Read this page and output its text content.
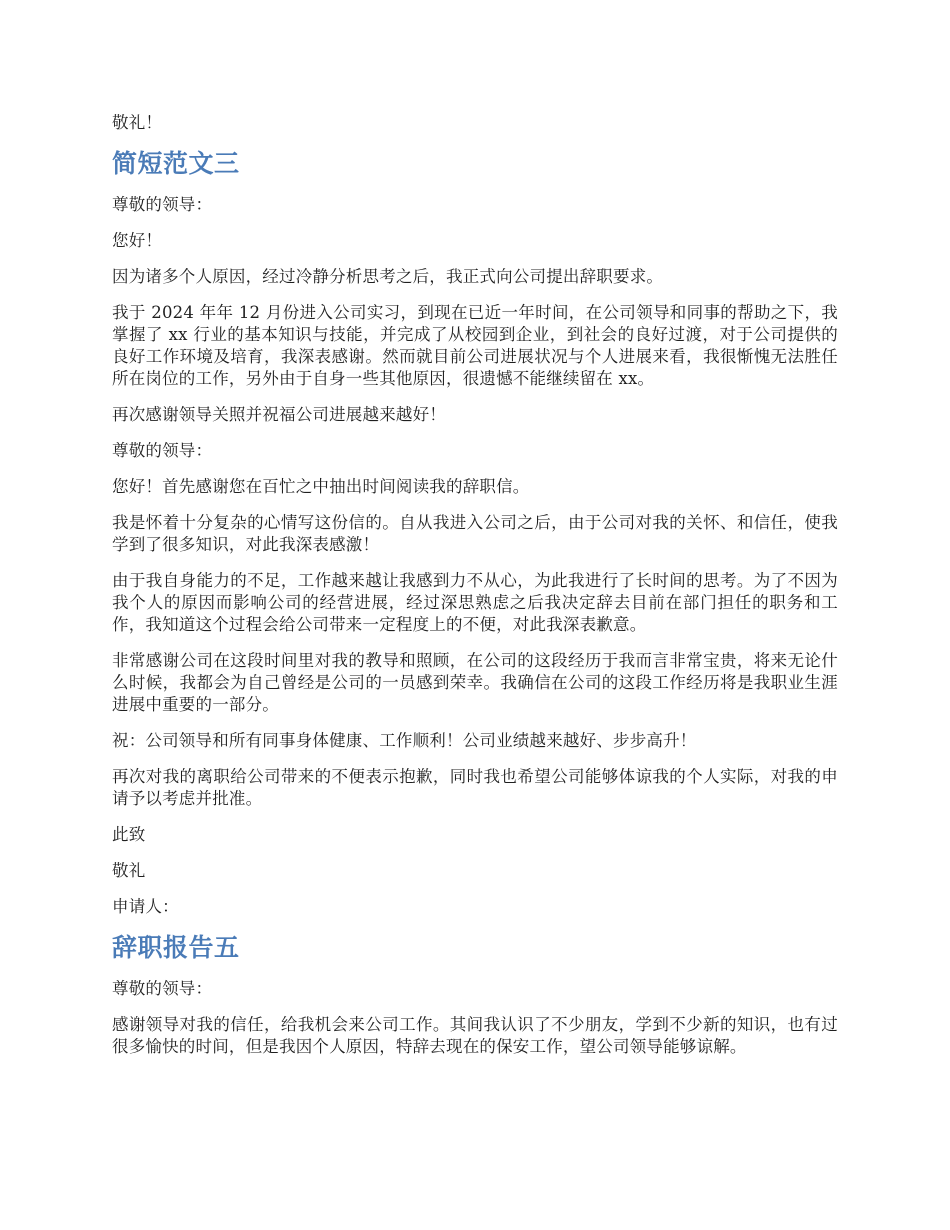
敬礼！

简短范文三

尊敬的领导：

您好！

因为诸多个人原因，经过冷静分析思考之后，我正式向公司提出辞职要求。

我于 2024 年年 12 月份进入公司实习，到现在已近一年时间，在公司领导和同事的帮助之下，我掌握了 xx 行业的基本知识与技能，并完成了从校园到企业，到社会的良好过渡，对于公司提供的良好工作环境及培育，我深表感谢。然而就目前公司进展状况与个人进展来看，我很惭愧无法胜任所在岗位的工作，另外由于自身一些其他原因，很遗憾不能继续留在 xx。

再次感谢领导关照并祝福公司进展越来越好！

尊敬的领导：

您好！首先感谢您在百忙之中抽出时间阅读我的辞职信。

我是怀着十分复杂的心情写这份信的。自从我进入公司之后，由于公司对我的关怀、和信任，使我学到了很多知识，对此我深表感激！

由于我自身能力的不足，工作越来越让我感到力不从心，为此我进行了长时间的思考。为了不因为我个人的原因而影响公司的经营进展，经过深思熟虑之后我决定辞去目前在部门担任的职务和工作，我知道这个过程会给公司带来一定程度上的不便，对此我深表歉意。

非常感谢公司在这段时间里对我的教导和照顾，在公司的这段经历于我而言非常宝贵，将来无论什么时候，我都会为自己曾经是公司的一员感到荣幸。我确信在公司的这段工作经历将是我职业生涯进展中重要的一部分。

祝：公司领导和所有同事身体健康、工作顺利！公司业绩越来越好、步步高升！

再次对我的离职给公司带来的不便表示抱歉，同时我也希望公司能够体谅我的个人实际，对我的申请予以考虑并批准。

此致

敬礼

申请人：

辞职报告五

尊敬的领导：

感谢领导对我的信任，给我机会来公司工作。其间我认识了不少朋友，学到不少新的知识，也有过很多愉快的时间，但是我因个人原因，特辞去现在的保安工作，望公司领导能够谅解。
